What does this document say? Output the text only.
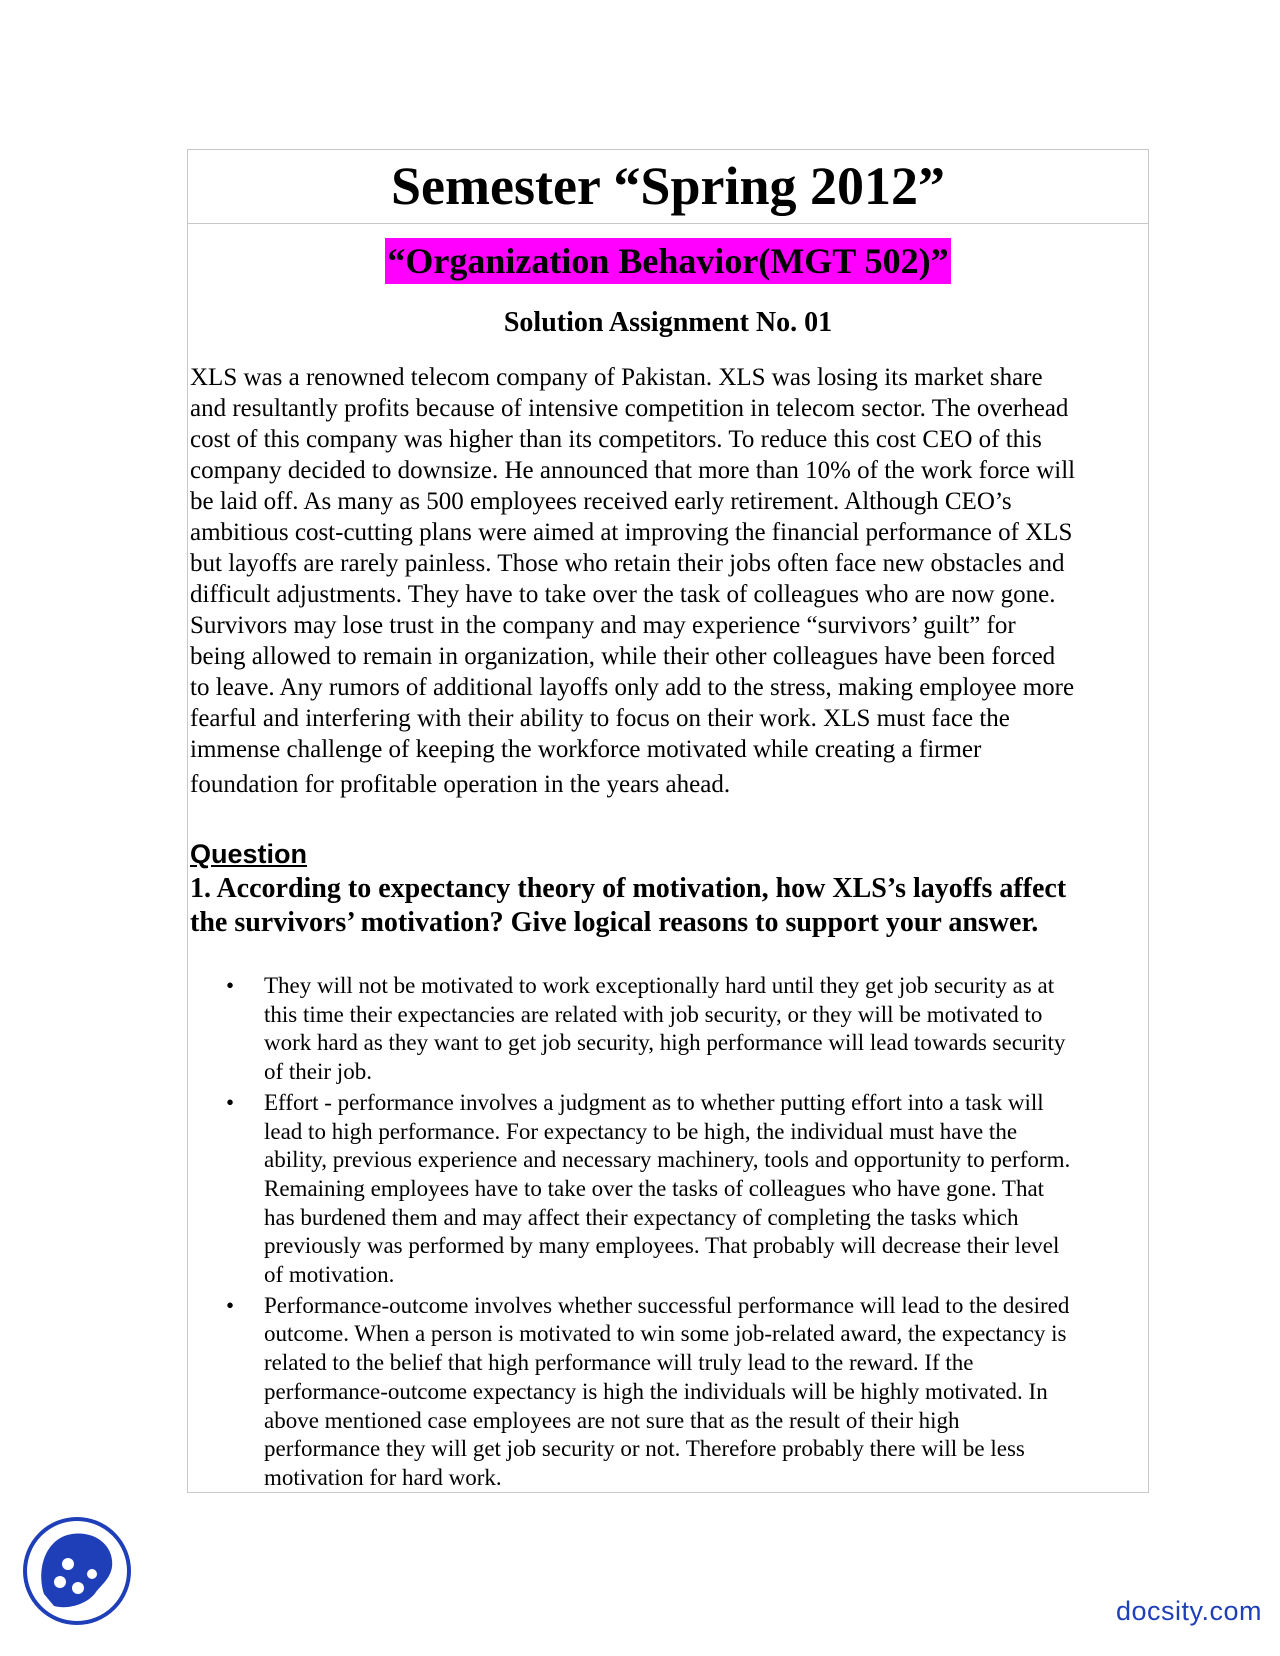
Semester “Spring 2012”
“Organization Behavior(MGT 502)”
Solution Assignment No. 01
XLS was a renowned telecom company of Pakistan. XLS was losing its market share
and resultantly profits because of intensive competition in telecom sector. The overhead
cost of this company was higher than its competitors. To reduce this cost CEO of this
company decided to downsize. He announced that more than 10% of the work force will
be laid off. As many as 500 employees received early retirement. Although CEO’s
ambitious cost-cutting plans were aimed at improving the financial performance of XLS
but layoffs are rarely painless. Those who retain their jobs often face new obstacles and
difficult adjustments. They have to take over the task of colleagues who are now gone.
Survivors may lose trust in the company and may experience “survivors’ guilt” for
being allowed to remain in organization, while their other colleagues have been forced
to leave. Any rumors of additional layoffs only add to the stress, making employee more
fearful and interfering with their ability to focus on their work. XLS must face the
immense challenge of keeping the workforce motivated while creating a firmer
foundation for profitable operation in the years ahead.
Question
1. According to expectancy theory of motivation, how XLS’s layoffs affect
the survivors’ motivation? Give logical reasons to support your answer.
• They will not be motivated to work exceptionally hard until they get job security as at
this time their expectancies are related with job security, or they will be motivated to
work hard as they want to get job security, high performance will lead towards security
of their job.
• Effort - performance involves a judgment as to whether putting effort into a task will
lead to high performance. For expectancy to be high, the individual must have the
ability, previous experience and necessary machinery, tools and opportunity to perform.
Remaining employees have to take over the tasks of colleagues who have gone. That
has burdened them and may affect their expectancy of completing the tasks which
previously was performed by many employees. That probably will decrease their level
of motivation.
• Performance-outcome involves whether successful performance will lead to the desired
outcome. When a person is motivated to win some job-related award, the expectancy is
related to the belief that high performance will truly lead to the reward. If the
performance-outcome expectancy is high the individuals will be highly motivated. In
above mentioned case employees are not sure that as the result of their high
performance they will get job security or not. Therefore probably there will be less
motivation for hard work.
docsity.com
